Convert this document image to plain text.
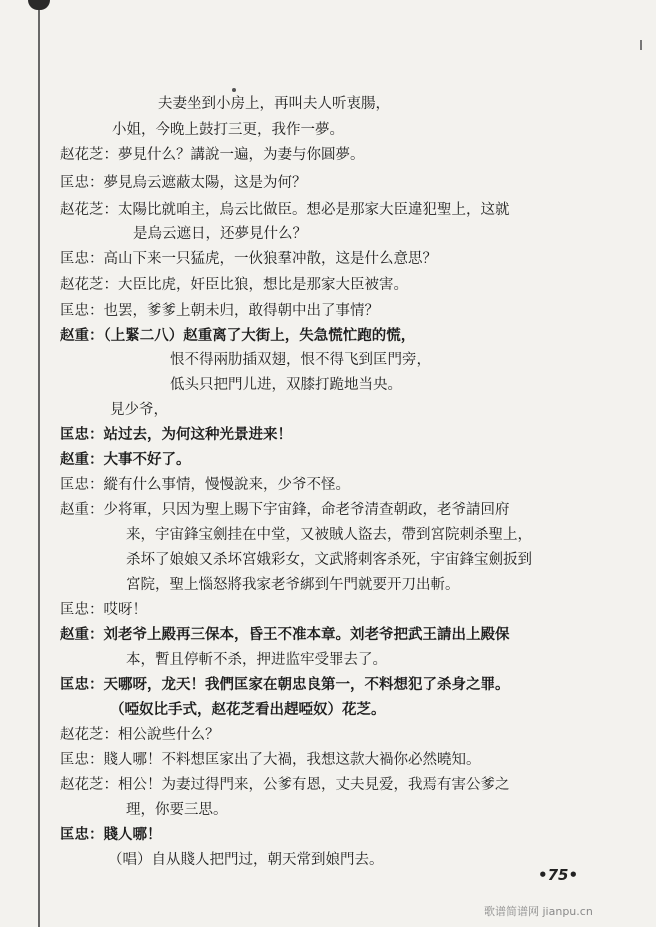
夫妻坐到小房上，再叫夫人听衷腸，
小姐，今晚上鼓打三更，我作一夢。
赵花芝：夢見什么？講說一遍，为妻与你圓夢。
匡忠：夢見烏云遮蔽太陽，这是为何？
赵花芝：太陽比就咱主，烏云比做臣。想必是那家大臣違犯聖上，这就
是烏云遮日，还夢見什么？
匡忠：高山下来一只猛虎，一伙狼羣冲散，这是什么意思？
赵花芝：大臣比虎，奸臣比狼，想比是那家大臣被害。
匡忠：也罢，爹爹上朝未归，敢得朝中出了事情？
赵重：（上緊二八）赵重离了大街上，失急慌忙跑的慌，
恨不得兩肋插双翅，恨不得飞到匡門旁，
低头只把門儿进，双膝打跪地当央。
見少爷，
匡忠：站过去，为何这种光景进来！
赵重：大事不好了。
匡忠：縱有什么事情，慢慢說来，少爷不怪。
赵重：少将軍，只因为聖上賜下宇宙鋒，命老爷清查朝政，老爷請回府
来，宇宙鋒宝劍挂在中堂，又被賊人盜去，帶到宮院刺杀聖上，
杀坏了娘娘又杀坏宮娥彩女，文武將刺客杀死，宇宙鋒宝劍扳到
宮院，聖上惱怒將我家老爷綁到午門就要开刀出斬。
匡忠：哎呀！
赵重：刘老爷上殿再三保本，昏王不准本章。刘老爷把武王請出上殿保
本，暫且停斬不杀，押进监牢受罪去了。
匡忠：天哪呀，龙天！我們匡家在朝忠良第一，不料想犯了杀身之罪。
（啞奴比手式，赵花芝看出趕啞奴）花芝。
赵花芝：相公說些什么？
匡忠：賤人哪！不料想匡家出了大禍，我想这款大禍你必然曉知。
赵花芝：相公！为妻过得門来，公爹有恩，丈夫見爱，我焉有害公爹之
理，你要三思。
匡忠：賤人哪！
（唱）自从賤人把門过，朝天常到娘門去。
•75•
歌谱简谱网 jianpu.cn
